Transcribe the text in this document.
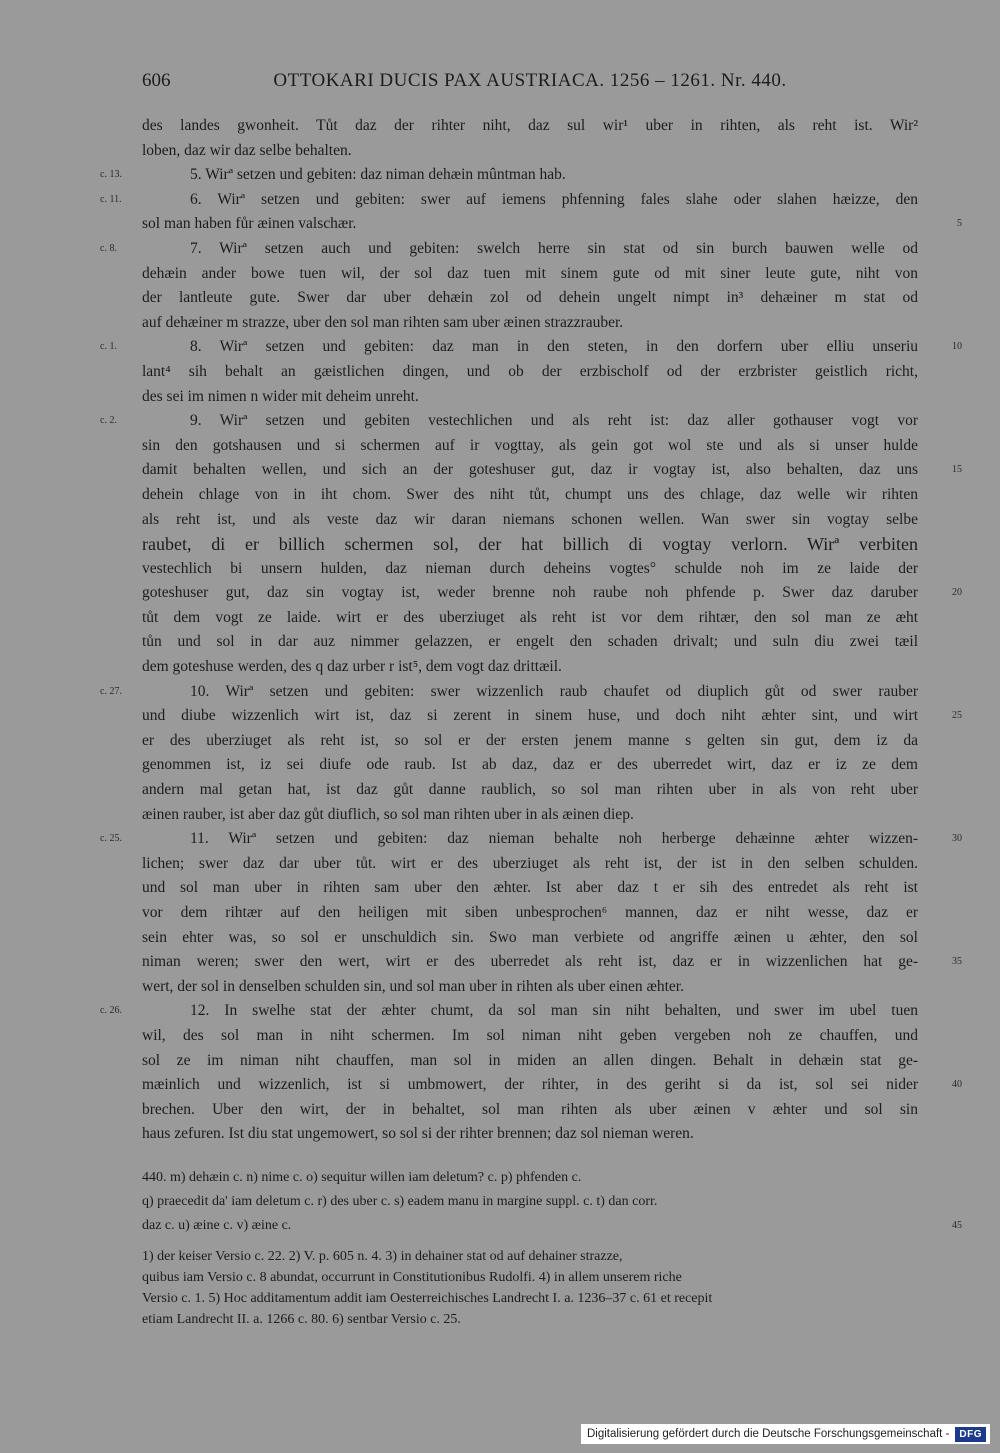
606	OTTOKARI DUCIS PAX AUSTRIACA. 1256 – 1261. Nr. 440.
des landes gwonheit. Tůt daz der rihter niht, daz sul wir¹ uber in rihten, als reht ist. Wir²
loben, daz wir daz selbe behalten.
c. 13.	5. Wirª setzen und gebiten: daz niman dehæin mûntman hab.
c. 11.	6. Wirª setzen und gebiten: swer auf iemens phfenning fales slahe oder slahen hæizze, den
sol man haben fůr æinen valschær.	5
c. 8.	7. Wirª setzen auch und gebiten: swelch herre sin stat od sin burch bauwen welle od
dehæin ander bowe tuen wil, der sol daz tuen mit sinem gute od mit siner leute gute, niht von
der lantleute gute. Swer dar uber dehæin zol od dehein ungelt nimpt in³ dehæiner m stat od
auf dehæiner m strazze, uber den sol man rihten sam uber æinen strazzrauber.
c. 1.	8. Wirª setzen und gebiten: daz man in den steten, in den dorfern uber elliu unseriu	10
lant⁴ sih behalt an gæistlichen dingen, und ob der erzbischolf od der erzbrister geistlich richt,
des sei im nimen n wider mit deheim unreht.
c. 2.	9. Wirª setzen und gebiten vestechlichen und als reht ist: daz aller gothauser vogt vor
sin den gotshausen und si schermen auf ir vogttay, als gein got wol ste und als si unser hulde
damit behalten wellen, und sich an der goteshuser gut, daz ir vogtay ist, also behalten, daz uns	15
dehein chlage von in iht chom. Swer des niht tůt, chumpt uns des chlage, daz welle wir rihten
als reht ist, und als veste daz wir daran niemans schonen wellen. Wan swer sin vogtay selbe
raubet, di er billich schermen sol, der hat billich di vogtay verlorn. Wirª verbiten
vestechlich bi unsern hulden, daz nieman durch deheins vogtes° schulde noh im ze laide der
goteshuser gut, daz sin vogtay ist, weder brenne noh raube noh phfende p. Swer daz daruber	20
tůt dem vogt ze laide. wirt er des uberziuget als reht ist vor dem rihtær, den sol man ze æht
tůn und sol in dar auz nimmer gelazzen, er engelt den schaden drivalt; und suln diu zwei tæil
dem goteshuse werden, des q daz urber r ist⁵, dem vogt daz drittæil.
c. 27.	10. Wirª setzen und gebiten: swer wizzenlich raub chaufet od diuplich gůt od swer rauber
und diube wizzenlich wirt ist, daz si zerent in sinem huse, und doch niht æhter sint, und wirt	25
er des uberziuget als reht ist, so sol er der ersten jenem manne s gelten sin gut, dem iz da
genommen ist, iz sei diufe ode raub. Ist ab daz, daz er des uberredet wirt, daz er iz ze dem
andern mal getan hat, ist daz gůt danne raublich, so sol man rihten uber in als von reht uber
æinen rauber, ist aber daz gůt diuflich, so sol man rihten uber in als æinen diep.
c. 25.	11. Wirª setzen und gebiten: daz nieman behalte noh herberge dehæinne æhter wizzen-	30
lichen; swer daz dar uber tůt. wirt er des uberziuget als reht ist, der ist in den selben schulden.
und sol man uber in rihten sam uber den æhter. Ist aber daz t er sih des entredet als reht ist
vor dem rihtær auf den heiligen mit siben unbesprochen⁶ mannen, daz er niht wesse, daz er
sein ehter was, so sol er unschuldich sin. Swo man verbiete od angriffe æinen u æhter, den sol
niman weren; swer den wert, wirt er des uberredet als reht ist, daz er in wizzenlichen hat ge-	35
wert, der sol in denselben schulden sin, und sol man uber in rihten als uber einen æhter.
c. 26.	12. In swelhe stat der æhter chumt, da sol man sin niht behalten, und swer im ubel tuen
wil, des sol man in niht schermen. Im sol niman niht geben vergeben noh ze chauffen, und
sol ze im niman niht chauffen, man sol in miden an allen dingen. Behalt in dehæin stat ge-
mæinlich und wizzenlich, ist si umbmowert, der rihter, in des geriht si da ist, sol sei nider	40
brechen. Uber den wirt, der in behaltet, sol man rihten als uber æinen v æhter und sol sin
haus zefuren. Ist diu stat ungemowert, so sol si der rihter brennen; daz sol nieman weren.
440. m) dehæin c. n) nime c. o) sequitur willen iam deletum? c. p) phfenden c.
q) praecedit da' iam deletum c. r) des uber c. s) eadem manu in margine suppl. c. t) dan corr.
daz c. u) æine c. v) æine c.	45
1) der keiser Versio c. 22. 2) V. p. 605 n. 4. 3) in dehainer stat od auf dehainer strazze,
quibus iam Versio c. 8 abundat, occurrunt in Constitutionibus Rudolfi. 4) in allem unserem riche
Versio c. 1. 5) Hoc additamentum addit iam Oesterreichisches Landrecht I. a. 1236–37 c. 61 et recepit
etiam Landrecht II. a. 1266 c. 80. 6) sentbar Versio c. 25.
Digitalisierung gefördert durch die Deutsche Forschungsgemeinschaft -	DFG
